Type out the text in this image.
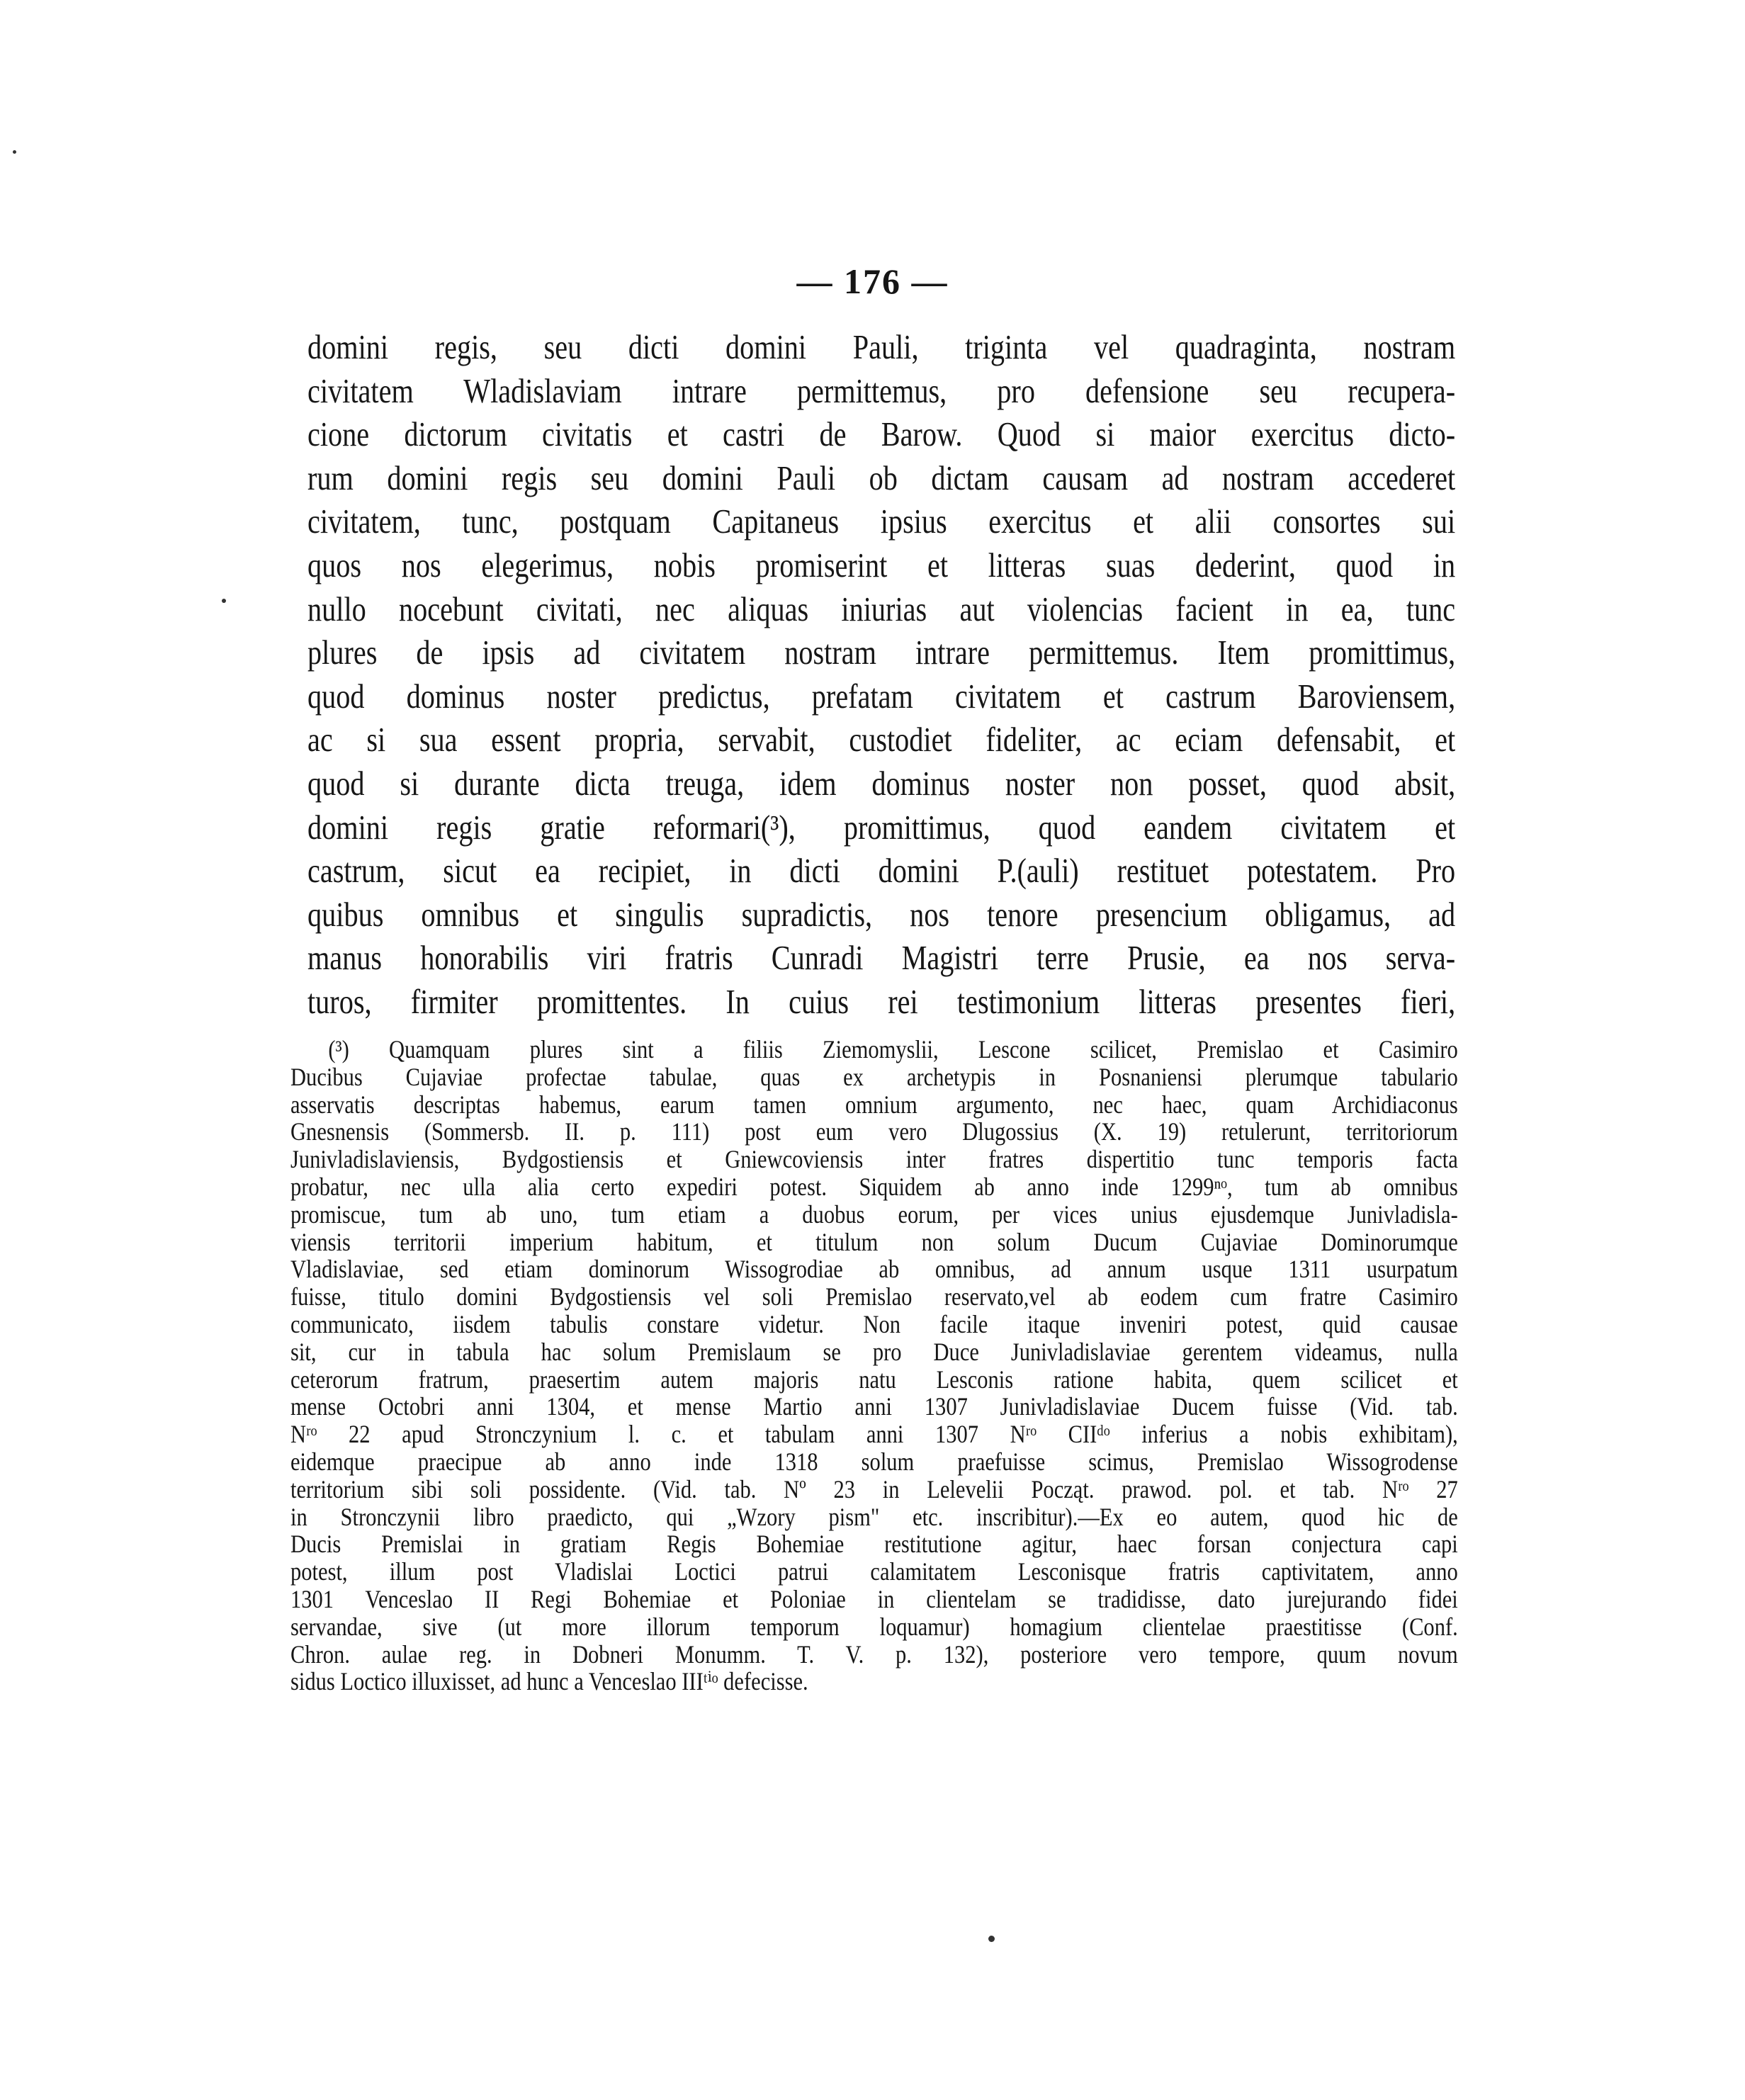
— 176 —
domini regis, seu dicti domini Pauli, triginta vel quadraginta, nostram
civitatem Wladislaviam intrare permittemus, pro defensione seu recupera-
cione dictorum civitatis et castri de Barow. Quod si maior exercitus dicto-
rum domini regis seu domini Pauli ob dictam causam ad nostram accederet
civitatem, tunc, postquam Capitaneus ipsius exercitus et alii consortes sui
quos nos elegerimus, nobis promiserint et litteras suas dederint, quod in
nullo nocebunt civitati, nec aliquas iniurias aut violencias facient in ea, tunc
plures de ipsis ad civitatem nostram intrare permittemus. Item promittimus,
quod dominus noster predictus, prefatam civitatem et castrum Baroviensem,
ac si sua essent propria, servabit, custodiet fideliter, ac eciam defensabit, et
quod si durante dicta treuga, idem dominus noster non posset, quod absit,
domini regis gratie reformari(³), promittimus, quod eandem civitatem et
castrum, sicut ea recipiet, in dicti domini P.(auli) restituet potestatem. Pro
quibus omnibus et singulis supradictis, nos tenore presencium obligamus, ad
manus honorabilis viri fratris Cunradi Magistri terre Prusie, ea nos serva-
turos, firmiter promittentes. In cuius rei testimonium litteras presentes fieri,
(³) Quamquam plures sint a filiis Ziemomyslii, Lescone scilicet, Premislao et Casimiro
Ducibus Cujaviae profectae tabulae, quas ex archetypis in Posnaniensi plerumque tabulario
asservatis descriptas habemus, earum tamen omnium argumento, nec haec, quam Archidiaconus
Gnesnensis (Sommersb. II. p. 111) post eum vero Dlugossius (X. 19) retulerunt, territoriorum
Junivladislaviensis, Bydgostiensis et Gniewcoviensis inter fratres dispertitio tunc temporis facta
probatur, nec ulla alia certo expediri potest. Siquidem ab anno inde 1299ⁿᵒ, tum ab omnibus
promiscue, tum ab uno, tum etiam a duobus eorum, per vices unius ejusdemque Junivladisla-
viensis territorii imperium habitum, et titulum non solum Ducum Cujaviae Dominorumque
Vladislaviae, sed etiam dominorum Wissogrodiae ab omnibus, ad annum usque 1311 usurpatum
fuisse, titulo domini Bydgostiensis vel soli Premislao reservato,vel ab eodem cum fratre Casimiro
communicato, iisdem tabulis constare videtur. Non facile itaque inveniri potest, quid causae
sit, cur in tabula hac solum Premislaum se pro Duce Junivladislaviae gerentem videamus, nulla
ceterorum fratrum, praesertim autem majoris natu Lesconis ratione habita, quem scilicet et
mense Octobri anni 1304, et mense Martio anni 1307 Junivladislaviae Ducem fuisse (Vid. tab.
Nʳᵒ 22 apud Stronczynium l. c. et tabulam anni 1307 Nʳᵒ CIIᵈᵒ inferius a nobis exhibitam),
eidemque praecipue ab anno inde 1318 solum praefuisse scimus, Premislao Wissogrodense
territorium sibi soli possidente. (Vid. tab. Nº 23 in Lelevelii Począt. prawod. pol. et tab. Nʳᵒ 27
in Stronczynii libro praedicto, qui „Wzory pism" etc. inscribitur).—Ex eo autem, quod hic de
Ducis Premislai in gratiam Regis Bohemiae restitutione agitur, haec forsan conjectura capi
potest, illum post Vladislai Loctici patrui calamitatem Lesconisque fratris captivitatem, anno
1301 Venceslao II Regi Bohemiae et Poloniae in clientelam se tradidisse, dato jurejurando fidei
servandae, sive (ut more illorum temporum loquamur) homagium clientelae praestitisse (Conf.
Chron. aulae reg. in Dobneri Monumm. T. V. p. 132), posteriore vero tempore, quum novum
sidus Loctico illuxisset, ad hunc a Venceslao IIIᵗⁱᵒ defecisse.
